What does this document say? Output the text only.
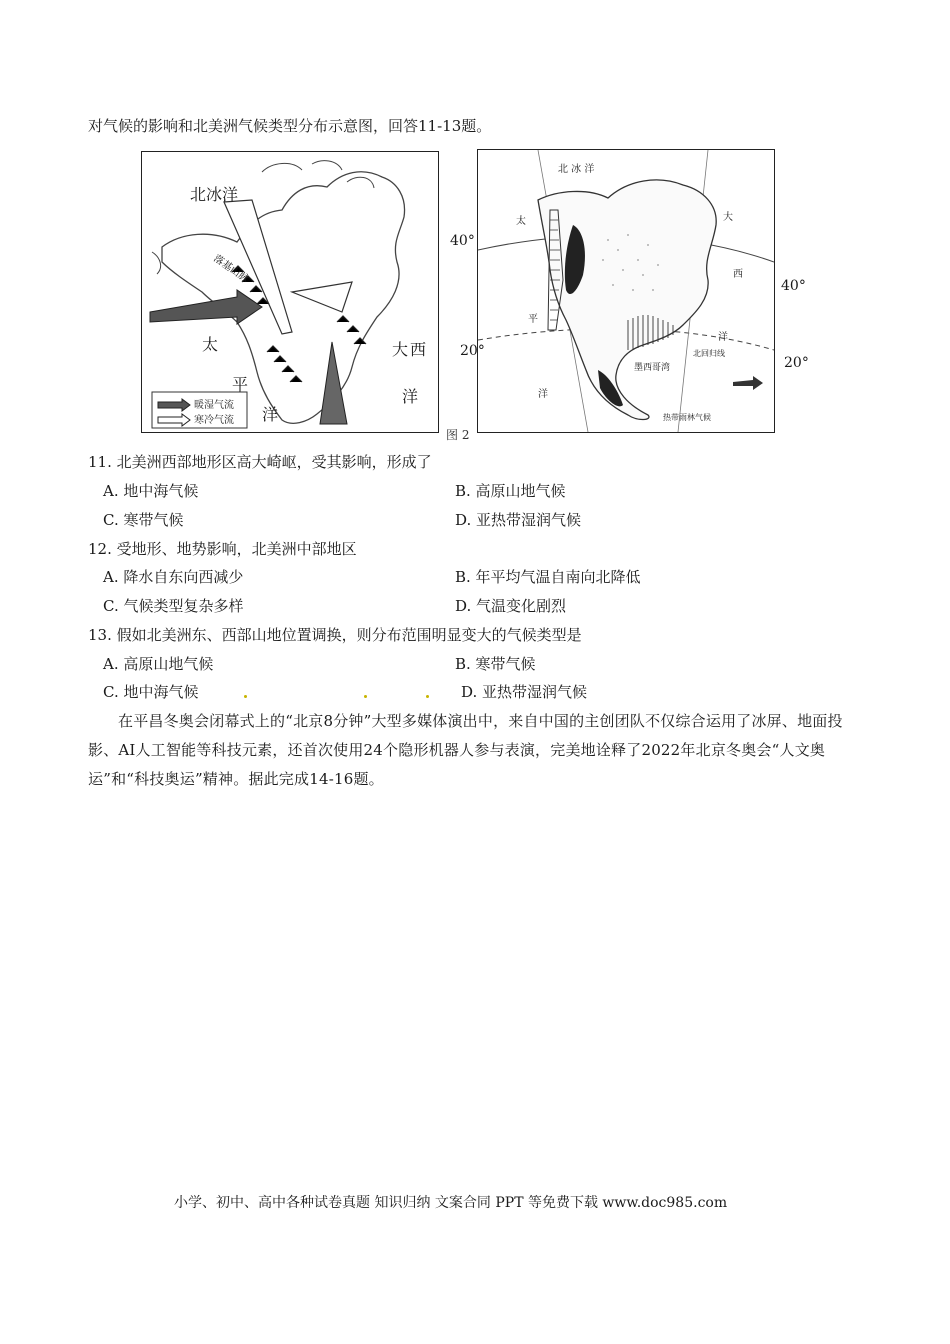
对气候的影响和北美洲气候类型分布示意图，回答11-13题。
北冰洋
太
平
洋
大 西
洋
落基山脉
暖湿气流
寒冷气流
北 冰 洋
太
平
洋
大
西
洋
墨西哥湾
北回归线
热带雨林气候
40°
40°
20°
20°
图 2
11. 北美洲西部地形区高大崎岖，受其影响，形成了
A. 地中海气候	B. 高原山地气候
C. 寒带气候	D. 亚热带湿润气候
12. 受地形、地势影响，北美洲中部地区
A. 降水自东向西减少	B. 年平均气温自南向北降低
C. 气候类型复杂多样	D. 气温变化剧烈
13. 假如北美洲东、西部山地位置调换，则分布范围明显变大的气候类型是
A. 高原山地气候	B. 寒带气候
C. 地中海气候	D. 亚热带湿润气候
在平昌冬奥会闭幕式上的“北京8分钟”大型多媒体演出中，来自中国的主创团队不仅综合运用了冰屏、地面投影、AI人工智能等科技元素，还首次使用24个隐形机器人参与表演，完美地诠释了2022年北京冬奥会“人文奥运”和“科技奥运”精神。据此完成14-16题。
小学、初中、高中各种试卷真题 知识归纳 文案合同 PPT 等免费下载 www.doc985.com
